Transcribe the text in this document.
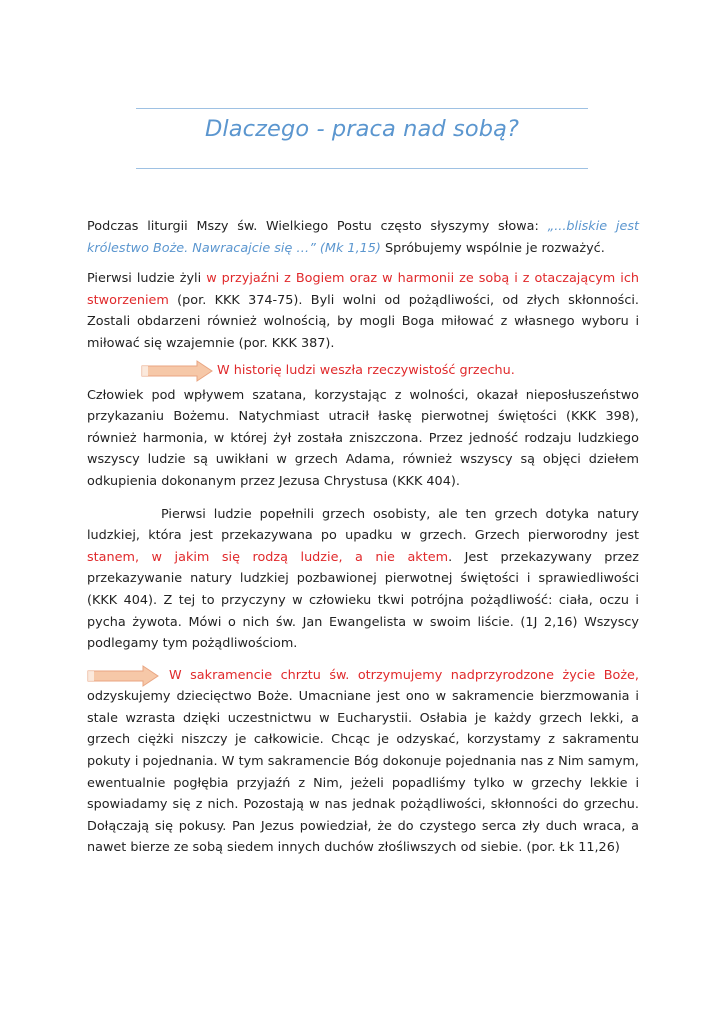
Dlaczego - praca nad sobą?

Podczas liturgii Mszy św. Wielkiego Postu często słyszymy słowa: „...bliskie jest królestwo Boże. Nawracajcie się …” (Mk 1,15) Spróbujemy wspólnie je rozważyć.

Pierwsi ludzie żyli w przyjaźni z Bogiem oraz w harmonii ze sobą i z otaczającym ich stworzeniem (por. KKK 374-75). Byli wolni od pożądliwości, od złych skłonności. Zostali obdarzeni również wolnością, by mogli Boga miłować z własnego wyboru i miłować się wzajemnie (por. KKK 387).

W historię ludzi weszła rzeczywistość grzechu.

Człowiek pod wpływem szatana, korzystając z wolności, okazał nieposłuszeństwo przykazaniu Bożemu. Natychmiast utracił łaskę pierwotnej świętości (KKK 398), również harmonia, w której żył została zniszczona. Przez jedność rodzaju ludzkiego wszyscy ludzie są uwikłani w grzech Adama, również wszyscy są objęci dziełem odkupienia dokonanym przez Jezusa Chrystusa (KKK 404).

Pierwsi ludzie popełnili grzech osobisty, ale ten grzech dotyka natury ludzkiej, która jest przekazywana po upadku w grzech. Grzech pierworodny jest stanem, w jakim się rodzą ludzie, a nie aktem. Jest przekazywany przez przekazywanie natury ludzkiej pozbawionej pierwotnej świętości i sprawiedliwości (KKK 404). Z tej to przyczyny w człowieku tkwi potrójna pożądliwość: ciała, oczu i pycha żywota. Mówi o nich św. Jan Ewangelista w swoim liście. (1J 2,16) Wszyscy podlegamy tym pożądliwościom.

W sakramencie chrztu św. otrzymujemy nadprzyrodzone życie Boże, odzyskujemy dziecięctwo Boże. Umacniane jest ono w sakramencie bierzmowania i stale wzrasta dzięki uczestnictwu w Eucharystii. Osłabia je każdy grzech lekki, a grzech ciężki niszczy je całkowicie. Chcąc je odzyskać, korzystamy z sakramentu pokuty i pojednania. W tym sakramencie Bóg dokonuje pojednania nas z Nim samym, ewentualnie pogłębia przyjaźń z Nim, jeżeli popadliśmy tylko w grzechy lekkie i spowiadamy się z nich. Pozostają w nas jednak pożądliwości, skłonności do grzechu. Dołączają się pokusy. Pan Jezus powiedział, że do czystego serca zły duch wraca, a nawet bierze ze sobą siedem innych duchów złośliwszych od siebie. (por. Łk 11,26)
